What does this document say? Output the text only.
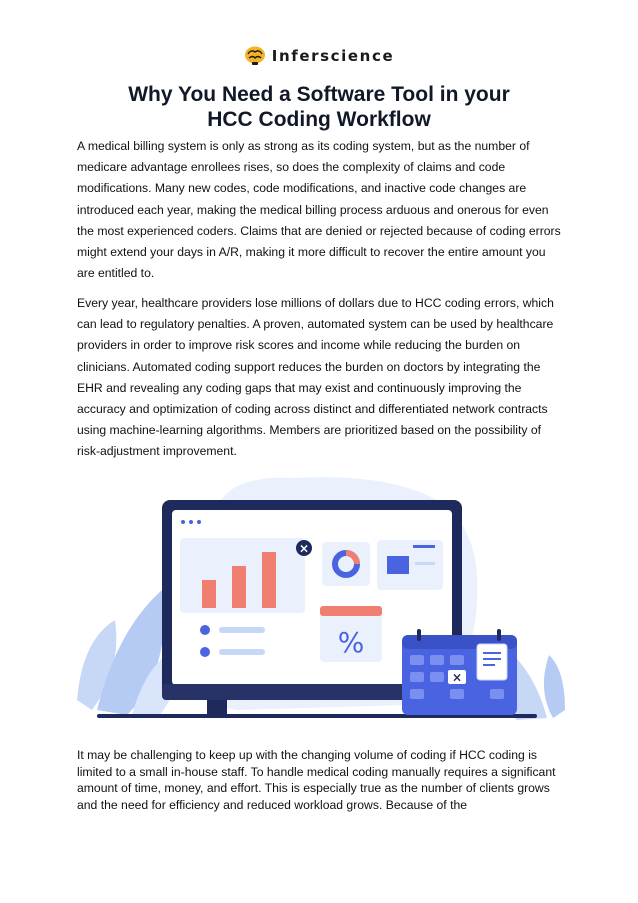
Inferscience
Why You Need a Software Tool in your
HCC Coding Workflow

A medical billing system is only as strong as its coding system, but as the number of medicare advantage enrollees rises, so does the complexity of claims and code modifications. Many new codes, code modifications, and inactive code changes are introduced each year, making the medical billing process arduous and onerous for even the most experienced coders. Claims that are denied or rejected because of coding errors might extend your days in A/R, making it more difficult to recover the entire amount you are entitled to.

Every year, healthcare providers lose millions of dollars due to HCC coding errors, which can lead to regulatory penalties. A proven, automated system can be used by healthcare providers in order to improve risk scores and income while reducing the burden on clinicians. Automated coding support reduces the burden on doctors by integrating the EHR and revealing any coding gaps that may exist and continuously improving the accuracy and optimization of coding across distinct and differentiated network contracts using machine-learning algorithms. Members are prioritized based on the possibility of risk-adjustment improvement.

×
%
×

It may be challenging to keep up with the changing volume of coding if HCC coding is limited to a small in-house staff. To handle medical coding manually requires a significant amount of time, money, and effort. This is especially true as the number of clients grows and the need for efficiency and reduced workload grows. Because of the
